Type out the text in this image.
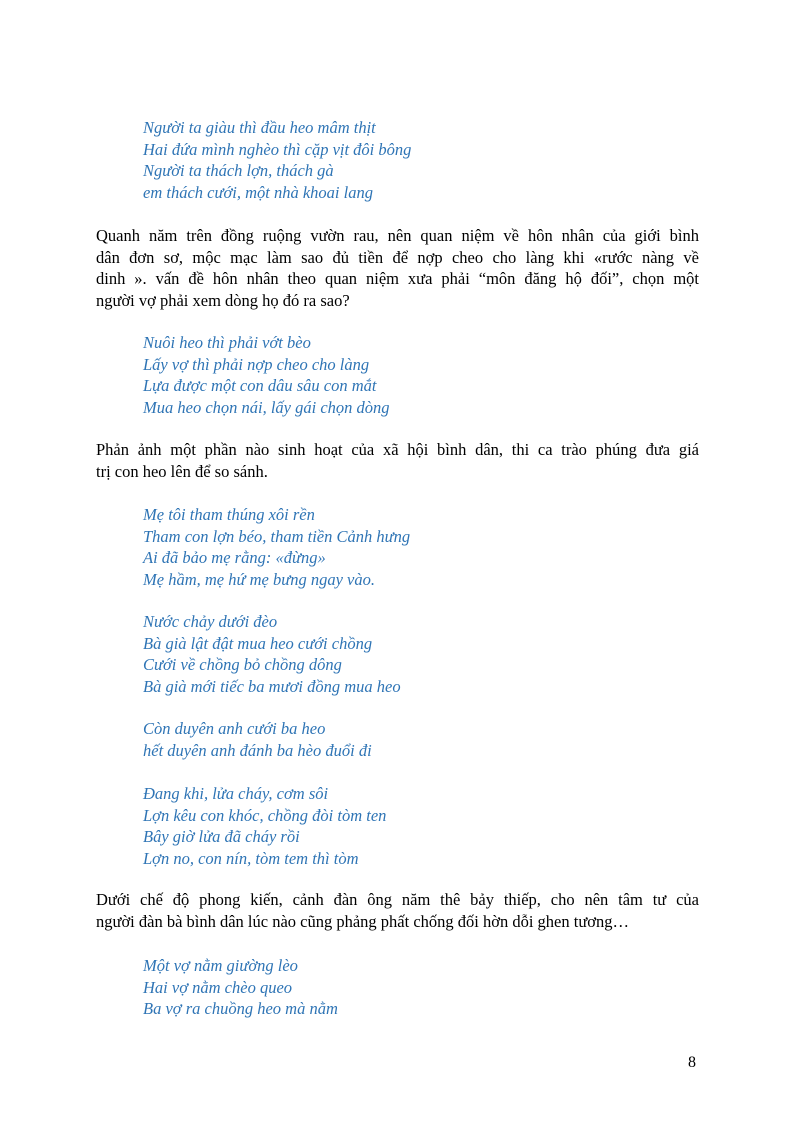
Người ta giàu thì đầu heo mâm thịt
Hai đứa mình nghèo thì cặp vịt đôi bông
Người ta thách lợn, thách gà
em thách cưới, một nhà khoai lang
Quanh năm trên đồng ruộng vườn rau, nên quan niệm về hôn nhân của giới bình
dân đơn sơ, mộc mạc làm sao đủ tiền để nợp cheo cho làng khi «rước nàng về
dinh ». vấn đề hôn nhân theo quan niệm xưa phải “môn đăng hộ đối”, chọn một
người vợ phải xem dòng họ đó ra sao?
Nuôi heo thì phải vớt bèo
Lấy vợ thì phải nợp cheo cho làng
Lựa được một con dâu sâu con mắt
Mua heo chọn nái, lấy gái chọn dòng
Phản ảnh một phần nào sinh hoạt của xã hội bình dân, thi ca trào phúng đưa giá
trị con heo lên để so sánh.
Mẹ tôi tham thúng xôi rền
Tham con lợn béo, tham tiền Cảnh hưng
Ai đã bảo mẹ rằng: «đừng»
Mẹ hầm, mẹ hứ mẹ bưng ngay vào.
Nước chảy dưới đèo
Bà già lật đật mua heo cưới chồng
Cưới về chồng bỏ chồng dông
Bà già mới tiếc ba mươi đồng mua heo
Còn duyên anh cưới ba heo
hết duyên anh đánh ba hèo đuổi đi
Đang khi, lửa cháy, cơm sôi
Lợn kêu con khóc, chồng đòi tòm ten
Bây giờ lửa đã cháy rồi
Lợn no, con nín, tòm tem thì tòm
Dưới chế độ phong kiến, cảnh đàn ông năm thê bảy thiếp, cho nên tâm tư của
người đàn bà bình dân lúc nào cũng phảng phất chống đối hờn dỗi ghen tương…
Một vợ nằm giường lèo
Hai vợ nằm chèo queo
Ba vợ ra chuồng heo mà nằm
8
